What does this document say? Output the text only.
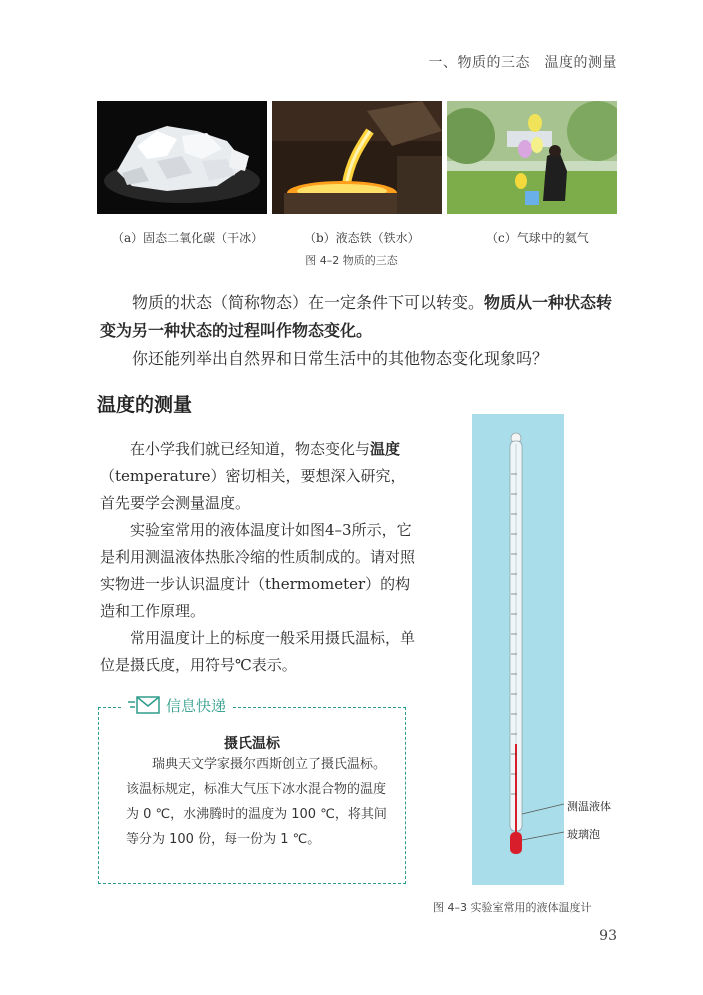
一、物质的三态　温度的测量
（a）固态二氧化碳（干冰）	（b）液态铁（铁水）	（c）气球中的氦气
图 4–2 物质的三态
物质的状态（简称物态）在一定条件下可以转变。物质从一种状态转变为另一种状态的过程叫作物态变化。
你还能列举出自然界和日常生活中的其他物态变化现象吗？
温度的测量
在小学我们就已经知道，物态变化与温度（temperature）密切相关，要想深入研究，首先要学会测量温度。
实验室常用的液体温度计如图4–3所示，它是利用测温液体热胀冷缩的性质制成的。请对照实物进一步认识温度计（thermometer）的构造和工作原理。
常用温度计上的标度一般采用摄氏温标，单位是摄氏度，用符号℃表示。
信息快递
摄氏温标
瑞典天文学家摄尔西斯创立了摄氏温标。该温标规定，标准大气压下冰水混合物的温度为 0 ℃，水沸腾时的温度为 100 ℃，将其间等分为 100 份，每一份为 1 ℃。
测温液体
玻璃泡
图 4–3 实验室常用的液体温度计
93
